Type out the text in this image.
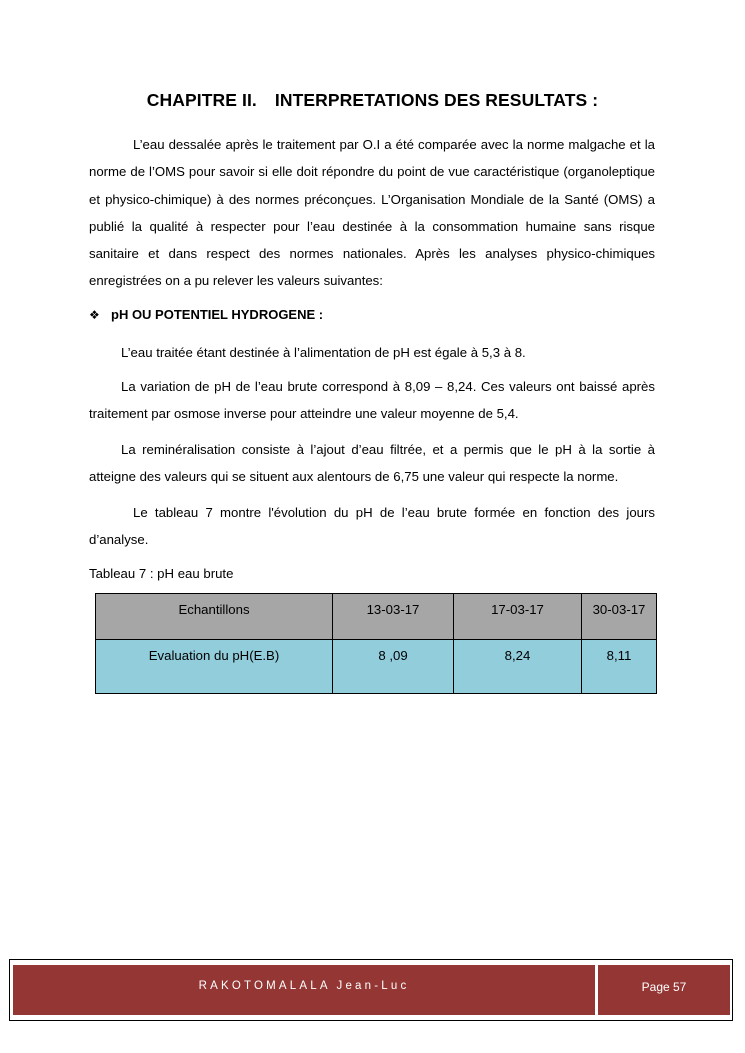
CHAPITRE II. INTERPRETATIONS DES RESULTATS :

L’eau dessalée après le traitement par O.I a été comparée avec la norme malgache et la norme de l’OMS pour savoir si elle doit répondre du point de vue caractéristique (organoleptique et physico-chimique) à des normes préconçues. L’Organisation Mondiale de la Santé (OMS) a publié la qualité à respecter pour l’eau destinée à la consommation humaine sans risque sanitaire et dans respect des normes nationales. Après les analyses physico-chimiques enregistrées on a pu relever les valeurs suivantes:

❖ pH OU POTENTIEL HYDROGENE :

L’eau traitée étant destinée à l’alimentation de pH est égale à 5,3 à 8.

La variation de pH de l’eau brute correspond à 8,09 – 8,24. Ces valeurs ont baissé après traitement par osmose inverse pour atteindre une valeur moyenne de 5,4.

La reminéralisation consiste à l’ajout d’eau filtrée, et a permis que le pH à la sortie à atteigne des valeurs qui se situent aux alentours de 6,75 une valeur qui respecte la norme.

Le tableau 7 montre l'évolution du pH de l’eau brute formée en fonction des jours d’analyse.

Tableau 7 : pH eau brute
Echantillons	13-03-17	17-03-17	30-03-17
Evaluation du pH(E.B)	8 ,09	8,24	8,11
RAKOTOMALALA Jean-Luc	Page 57
